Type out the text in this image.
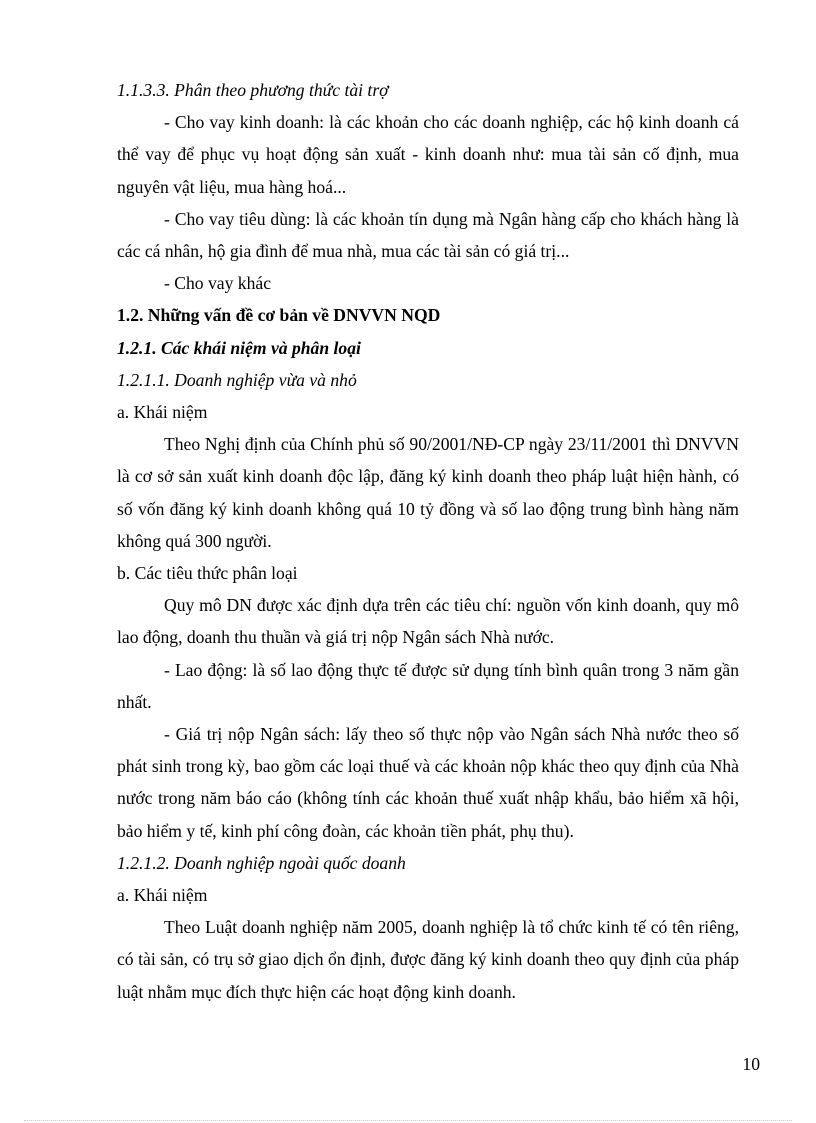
1.1.3.3. Phân theo phương thức tài trợ

- Cho vay kinh doanh: là các khoản cho các doanh nghiệp, các hộ kinh doanh cá thể vay để phục vụ hoạt động sản xuất - kinh doanh như: mua tài sản cố định, mua nguyên vật liệu, mua hàng hoá...

- Cho vay tiêu dùng: là các khoản tín dụng mà Ngân hàng cấp cho khách hàng là các cá nhân, hộ gia đình để mua nhà, mua các tài sản có giá trị...

- Cho vay khác

1.2. Những vấn đề cơ bản về DNVVN NQD

1.2.1. Các khái niệm và phân loại

1.2.1.1. Doanh nghiệp vừa và nhỏ

a. Khái niệm

Theo Nghị định của Chính phủ số 90/2001/NĐ-CP ngày 23/11/2001 thì DNVVN là cơ sở sản xuất kinh doanh độc lập, đăng ký kinh doanh theo pháp luật hiện hành, có số vốn đăng ký kinh doanh không quá 10 tỷ đồng và số lao động trung bình hàng năm không quá 300 người.

b. Các tiêu thức phân loại

Quy mô DN được xác định dựa trên các tiêu chí: nguồn vốn kinh doanh, quy mô lao động, doanh thu thuần và giá trị nộp Ngân sách Nhà nước.

- Lao động: là số lao động thực tế được sử dụng tính bình quân trong 3 năm gần nhất.

- Giá trị nộp Ngân sách: lấy theo số thực nộp vào Ngân sách Nhà nước theo số phát sinh trong kỳ, bao gồm các loại thuế và các khoản nộp khác theo quy định của Nhà nước trong năm báo cáo (không tính các khoản thuế xuất nhập khẩu, bảo hiểm xã hội, bảo hiểm y tế, kinh phí công đoàn, các khoản tiền phát, phụ thu).

1.2.1.2. Doanh nghiệp ngoài quốc doanh

a. Khái niệm

Theo Luật doanh nghiệp năm 2005, doanh nghiệp là tổ chức kinh tế có tên riêng, có tài sản, có trụ sở giao dịch ổn định, được đăng ký kinh doanh theo quy định của pháp luật nhằm mục đích thực hiện các hoạt động kinh doanh.

10
